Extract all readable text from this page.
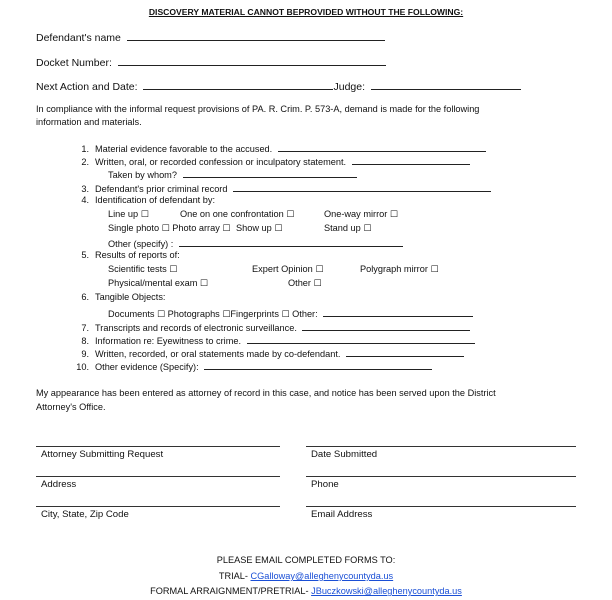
DISCOVERY MATERIAL CANNOT BEPROVIDED WITHOUT THE FOLLOWING:
Defendant's name
Docket Number:
Next Action and Date:	Judge:
In compliance with the informal request provisions of PA. R. Crim. P. 573-A, demand is made for the following
information and materials.
1. Material evidence favorable to the accused.
2. Written, oral, or recorded confession or inculpatory statement.
Taken by whom?
3. Defendant's prior criminal record
4. Identification of defendant by:
Line up ☐	One on one confrontation ☐	One-way mirror ☐
Single photo ☐ Photo array ☐ Show up ☐	Stand up ☐
Other (specify) :
5. Results of reports of:
Scientific tests ☐	Expert Opinion ☐	Polygraph mirror ☐
Physical/mental exam ☐	Other ☐
6. Tangible Objects:
Documents ☐ Photographs ☐Fingerprints ☐ Other:
7. Transcripts and records of electronic surveillance.
8. Information re: Eyewitness to crime.
9. Written, recorded, or oral statements made by co-defendant.
10. Other evidence (Specify):
My appearance has been entered as attorney of record in this case, and notice has been served upon the District
Attorney's Office.
Attorney Submitting Request	Date Submitted
Address	Phone
City, State, Zip Code	Email Address
PLEASE EMAIL COMPLETED FORMS TO:
TRIAL- CGalloway@alleghenycountyda.us
FORMAL ARRAIGNMENT/PRETRIAL- JBuczkowski@alleghenycountyda.us
